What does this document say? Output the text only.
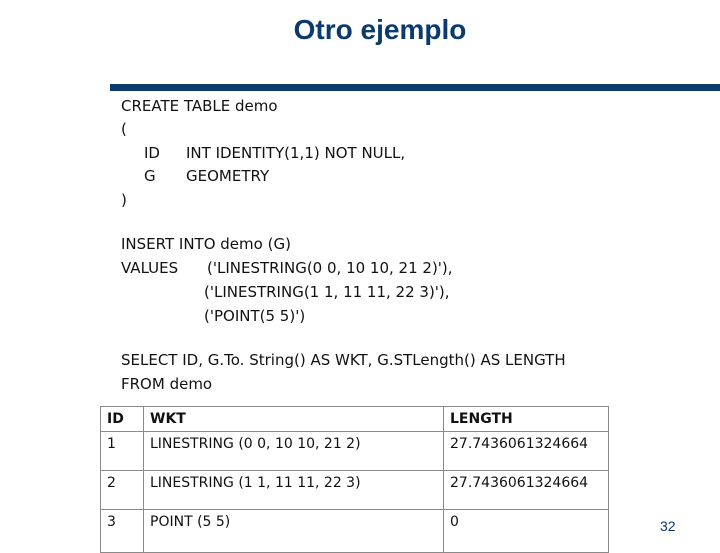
Otro ejemplo
CREATE TABLE demo
(
ID INT IDENTITY(1,1) NOT NULL,
G GEOMETRY
)
INSERT INTO demo (G)
VALUES ('LINESTRING(0 0, 10 10, 21 2)'),
('LINESTRING(1 1, 11 11, 22 3)'),
('POINT(5 5)')
SELECT ID, G.To. String() AS WKT, G.STLength() AS LENGTH
FROM demo
ID	WKT	LENGTH
1	LINESTRING (0 0, 10 10, 21 2)	27.7436061324664
2	LINESTRING (1 1, 11 11, 22 3)	27.7436061324664
3	POINT (5 5)	0	32
